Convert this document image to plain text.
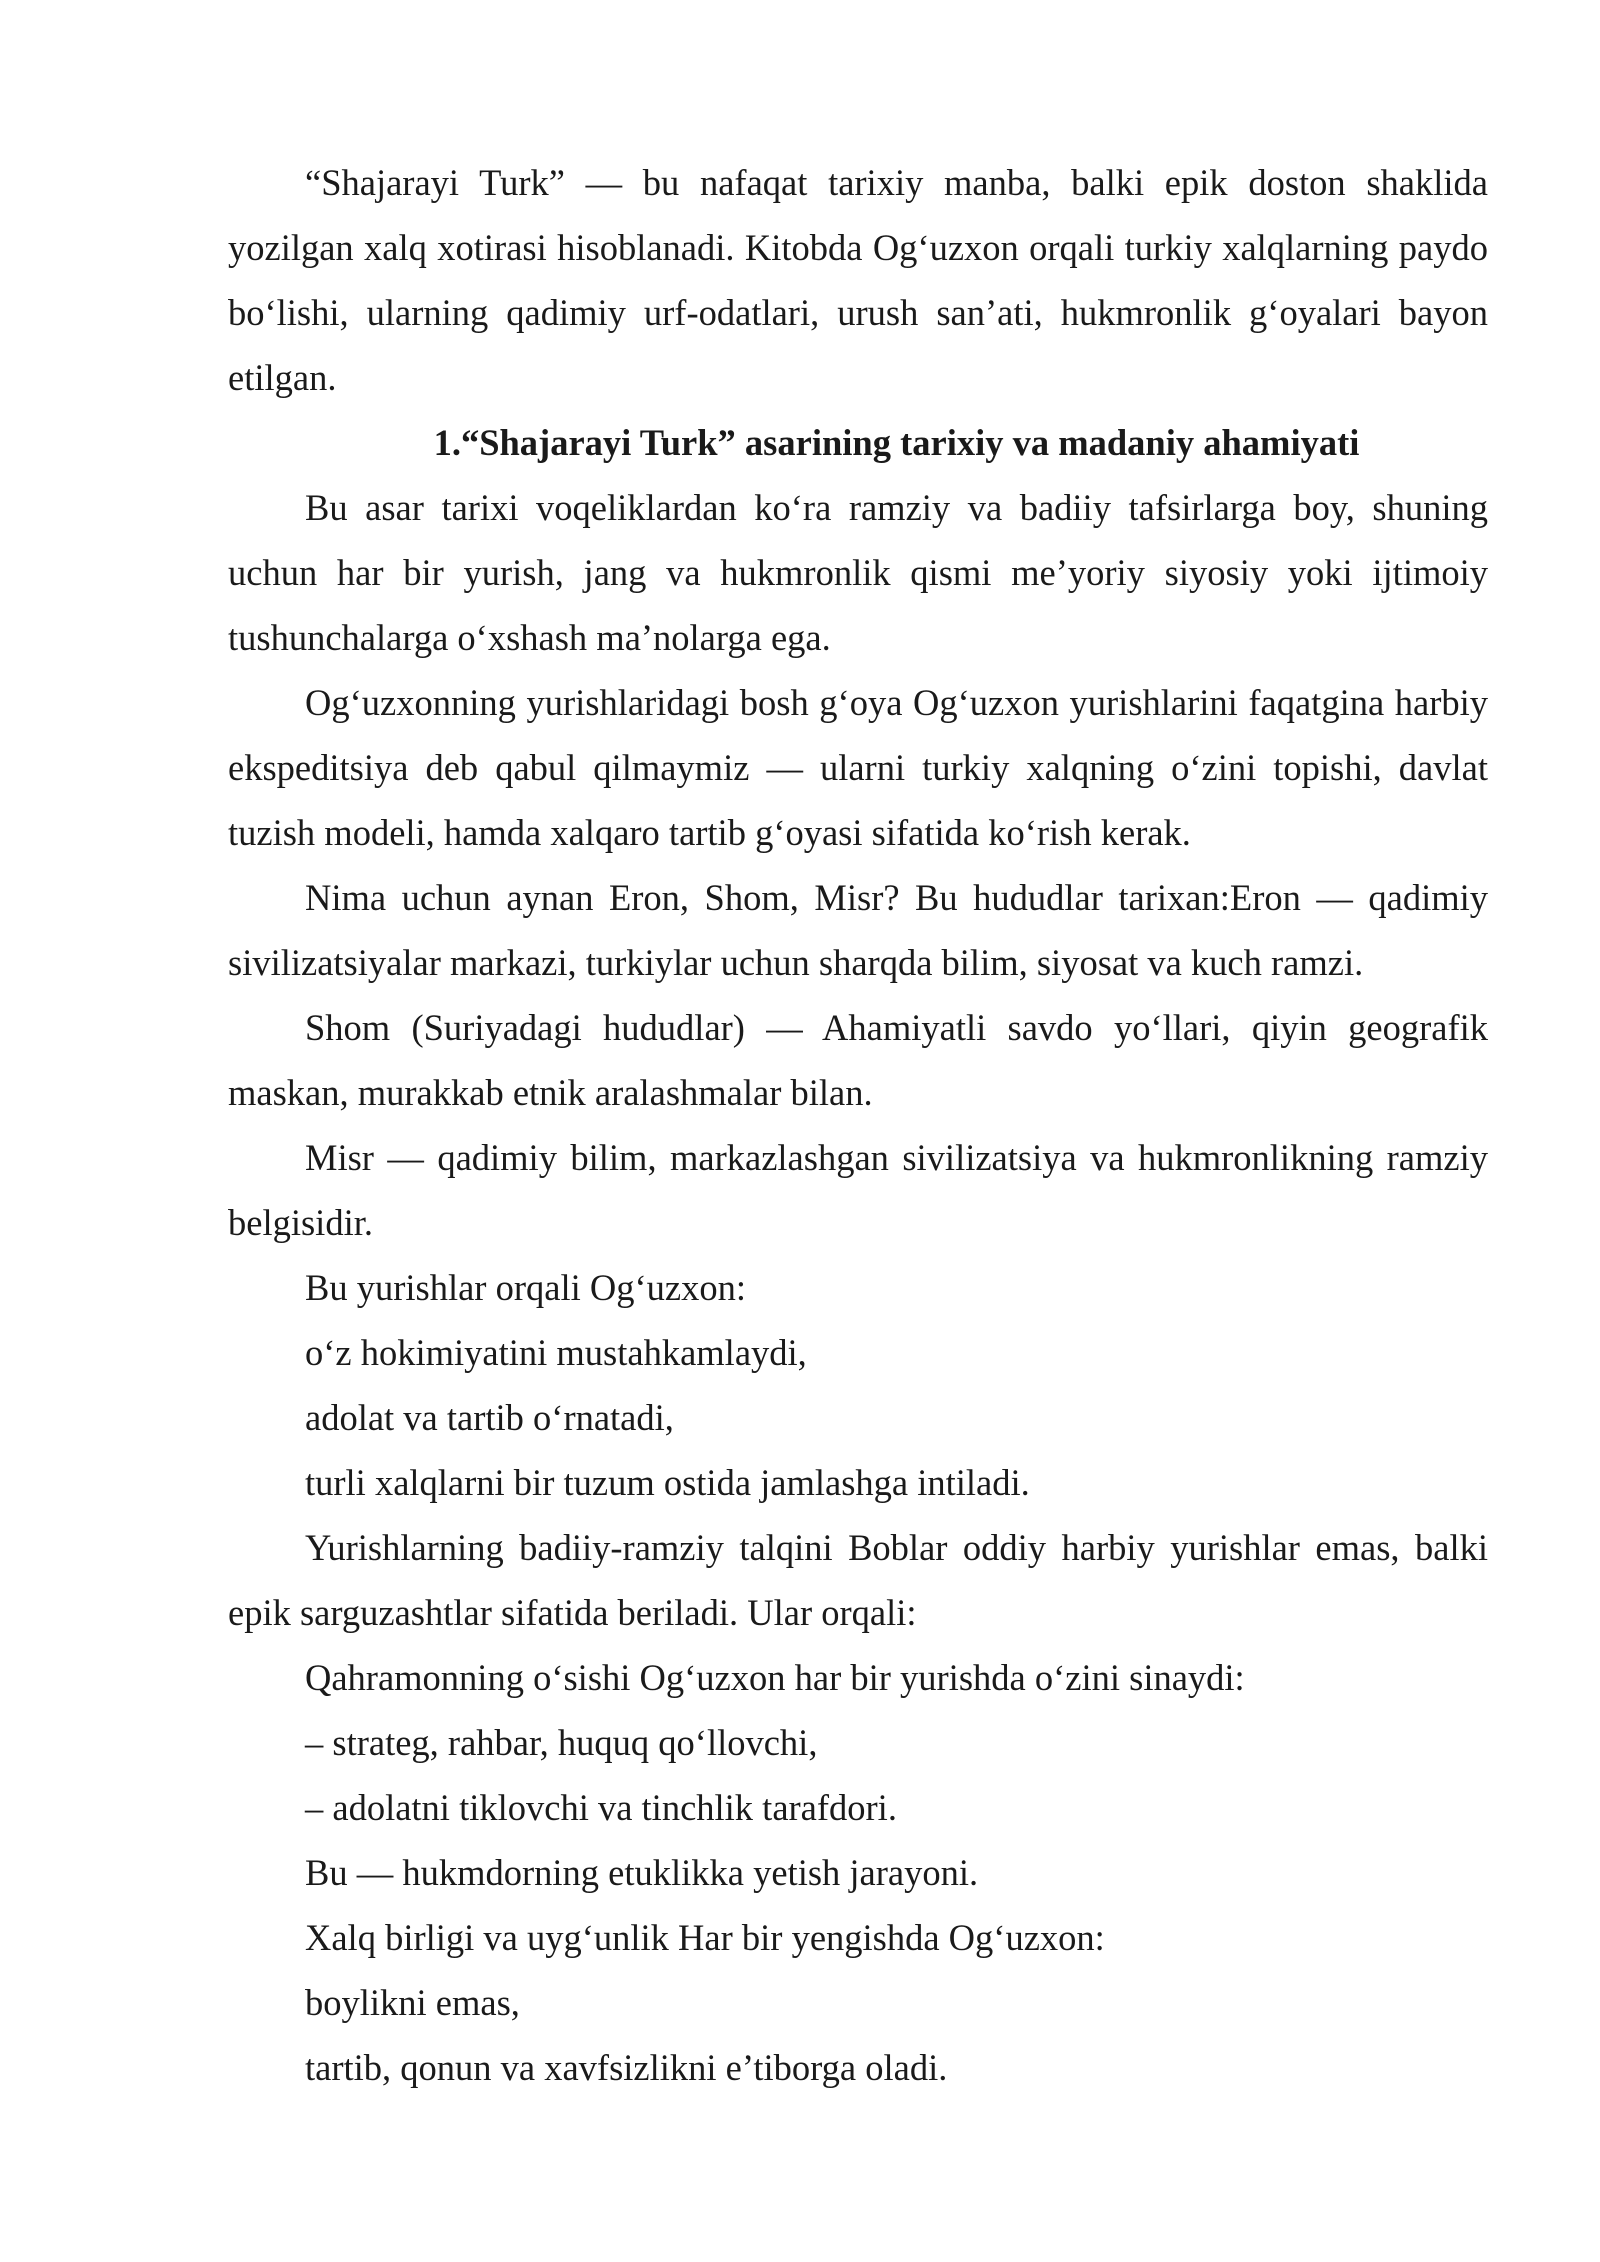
“Shajarayi Turk” — bu nafaqat tarixiy manba, balki epik doston shaklida yozilgan xalq xotirasi hisoblanadi. Kitobda Og‘uzxon orqali turkiy xalqlarning paydo bo‘lishi, ularning qadimiy urf-odatlari, urush san’ati, hukmronlik g‘oyalari bayon etilgan.

1.“Shajarayi Turk” asarining tarixiy va madaniy ahamiyati

Bu asar tarixi voqeliklardan ko‘ra ramziy va badiiy tafsirlarga boy, shuning uchun har bir yurish, jang va hukmronlik qismi me’yoriy siyosiy yoki ijtimoiy tushunchalarga o‘xshash ma’nolarga ega.

Og‘uzxonning yurishlaridagi bosh g‘oya Og‘uzxon yurishlarini faqatgina harbiy ekspeditsiya deb qabul qilmaymiz — ularni turkiy xalqning o‘zini topishi, davlat tuzish modeli, hamda xalqaro tartib g‘oyasi sifatida ko‘rish kerak.

Nima uchun aynan Eron, Shom, Misr? Bu hududlar tarixan:Eron — qadimiy sivilizatsiyalar markazi, turkiylar uchun sharqda bilim, siyosat va kuch ramzi.

Shom (Suriyadagi hududlar) — Ahamiyatli savdo yo‘llari, qiyin geografik maskan, murakkab etnik aralashmalar bilan.

Misr — qadimiy bilim, markazlashgan sivilizatsiya va hukmronlikning ramziy belgisidir.

Bu yurishlar orqali Og‘uzxon:

o‘z hokimiyatini mustahkamlaydi,

adolat va tartib o‘rnatadi,

turli xalqlarni bir tuzum ostida jamlashga intiladi.

Yurishlarning badiiy-ramziy talqini Boblar oddiy harbiy yurishlar emas, balki epik sarguzashtlar sifatida beriladi. Ular orqali:

Qahramonning o‘sishi Og‘uzxon har bir yurishda o‘zini sinaydi:

– strateg, rahbar, huquq qo‘llovchi,

– adolatni tiklovchi va tinchlik tarafdori.

Bu — hukmdorning etuklikka yetish jarayoni.

Xalq birligi va uyg‘unlik Har bir yengishda Og‘uzxon:

boylikni emas,

tartib, qonun va xavfsizlikni e’tiborga oladi.
